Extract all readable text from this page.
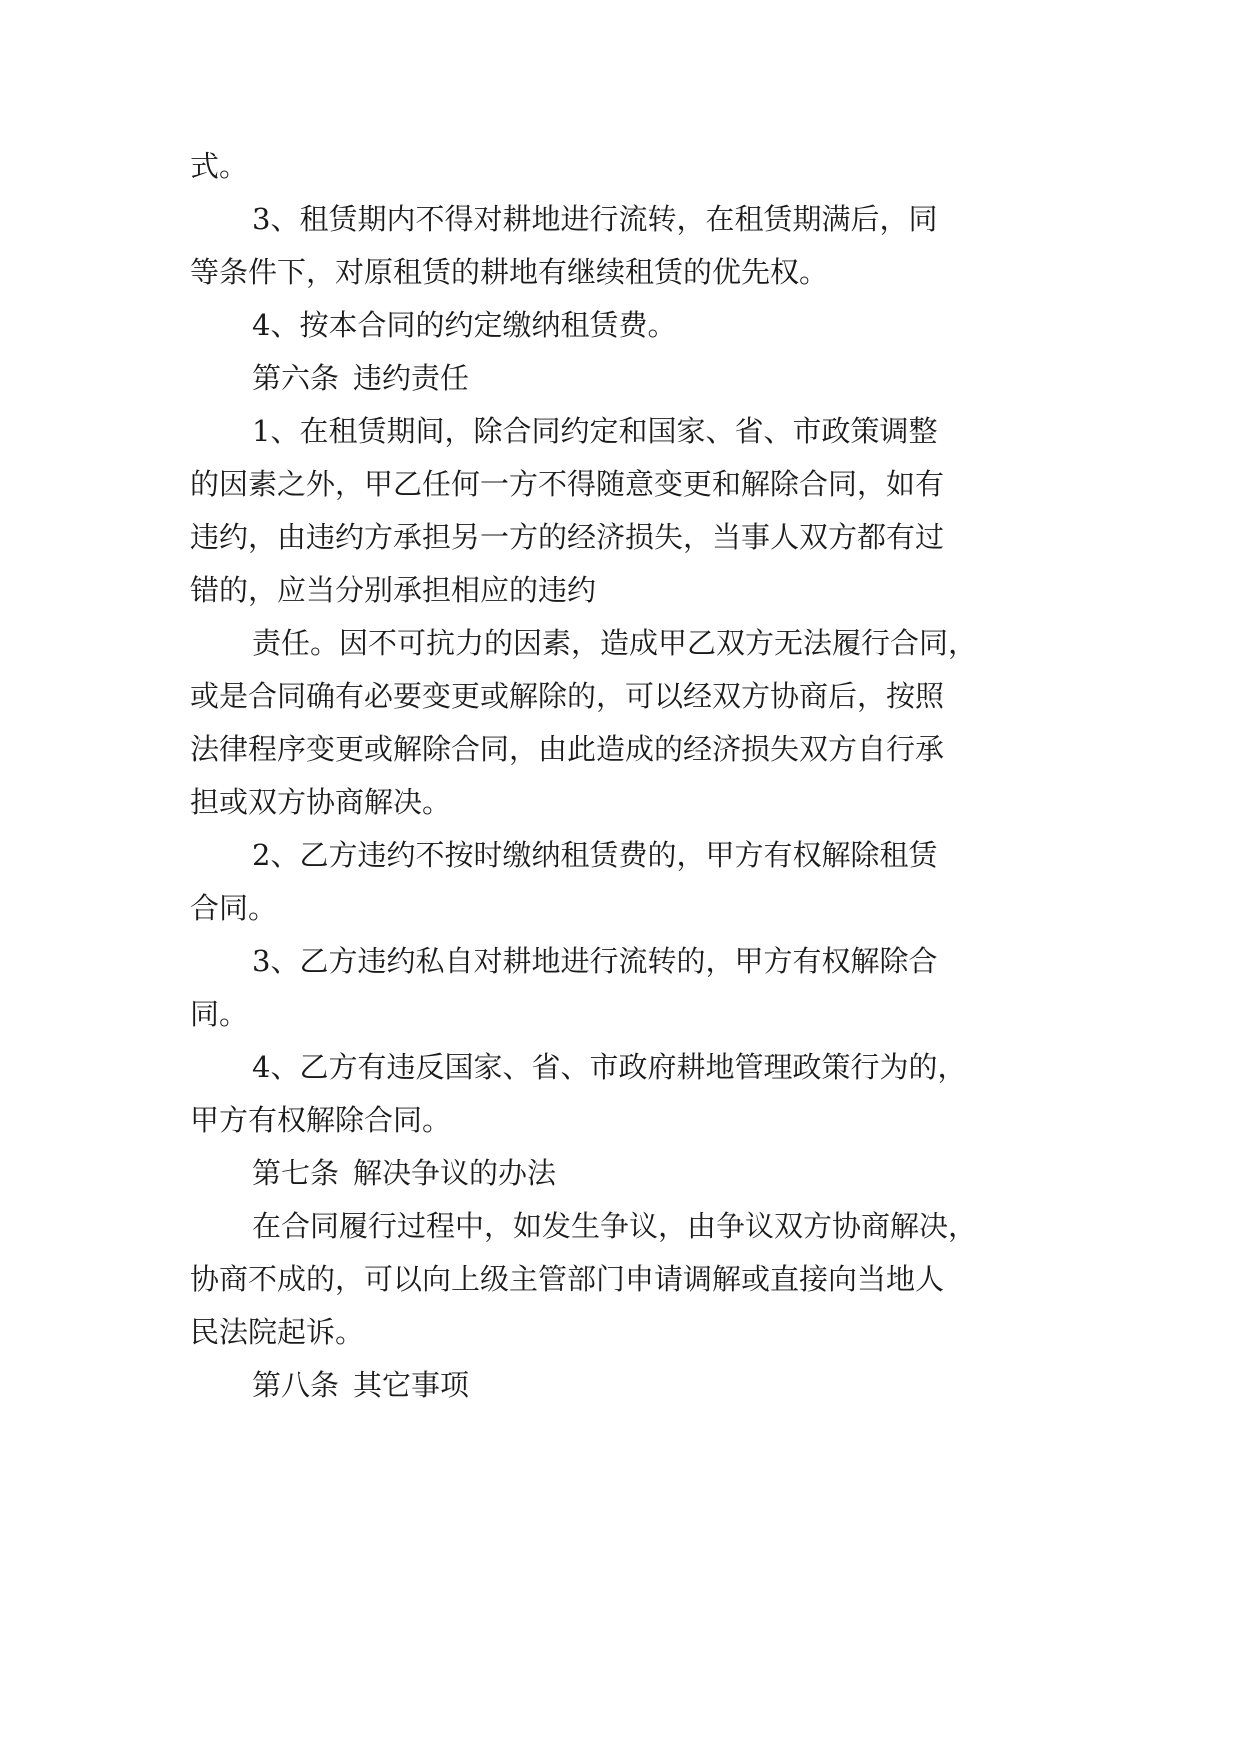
式。
3、租赁期内不得对耕地进行流转，在租赁期满后，同
等条件下，对原租赁的耕地有继续租赁的优先权。
4、按本合同的约定缴纳租赁费。
第六条 违约责任
1、在租赁期间，除合同约定和国家、省、市政策调整
的因素之外，甲乙任何一方不得随意变更和解除合同，如有
违约，由违约方承担另一方的经济损失，当事人双方都有过
错的，应当分别承担相应的违约
责任。因不可抗力的因素，造成甲乙双方无法履行合同，
或是合同确有必要变更或解除的，可以经双方协商后，按照
法律程序变更或解除合同，由此造成的经济损失双方自行承
担或双方协商解决。
2、乙方违约不按时缴纳租赁费的，甲方有权解除租赁
合同。
3、乙方违约私自对耕地进行流转的，甲方有权解除合
同。
4、乙方有违反国家、省、市政府耕地管理政策行为的，
甲方有权解除合同。
第七条 解决争议的办法
在合同履行过程中，如发生争议，由争议双方协商解决，
协商不成的，可以向上级主管部门申请调解或直接向当地人
民法院起诉。
第八条 其它事项
